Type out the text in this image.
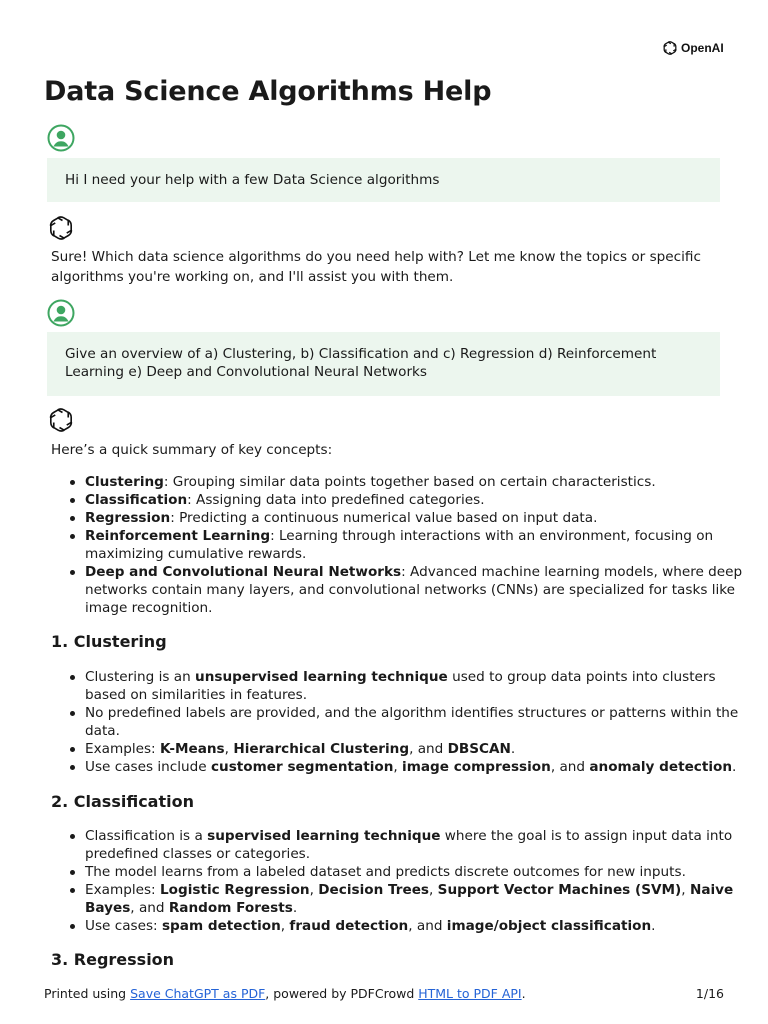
OpenAI
Data Science Algorithms Help
Hi I need your help with a few Data Science algorithms

Sure! Which data science algorithms do you need help with? Let me know the topics or specific algorithms you're working on, and I'll assist you with them.

Give an overview of a) Clustering, b) Classification and c) Regression d) Reinforcement Learning e) Deep and Convolutional Neural Networks

Here’s a quick summary of key concepts:

Clustering: Grouping similar data points together based on certain characteristics.
Classification: Assigning data into predefined categories.
Regression: Predicting a continuous numerical value based on input data.
Reinforcement Learning: Learning through interactions with an environment, focusing on maximizing cumulative rewards.
Deep and Convolutional Neural Networks: Advanced machine learning models, where deep networks contain many layers, and convolutional networks (CNNs) are specialized for tasks like image recognition.
1. Clustering
Clustering is an unsupervised learning technique used to group data points into clusters based on similarities in features.
No predefined labels are provided, and the algorithm identifies structures or patterns within the data.
Examples: K-Means, Hierarchical Clustering, and DBSCAN.
Use cases include customer segmentation, image compression, and anomaly detection.
2. Classification
Classification is a supervised learning technique where the goal is to assign input data into predefined classes or categories.
The model learns from a labeled dataset and predicts discrete outcomes for new inputs.
Examples: Logistic Regression, Decision Trees, Support Vector Machines (SVM), Naive Bayes, and Random Forests.
Use cases: spam detection, fraud detection, and image/object classification.
3. Regression
Printed using Save ChatGPT as PDF, powered by PDFCrowd HTML to PDF API.	1/16
